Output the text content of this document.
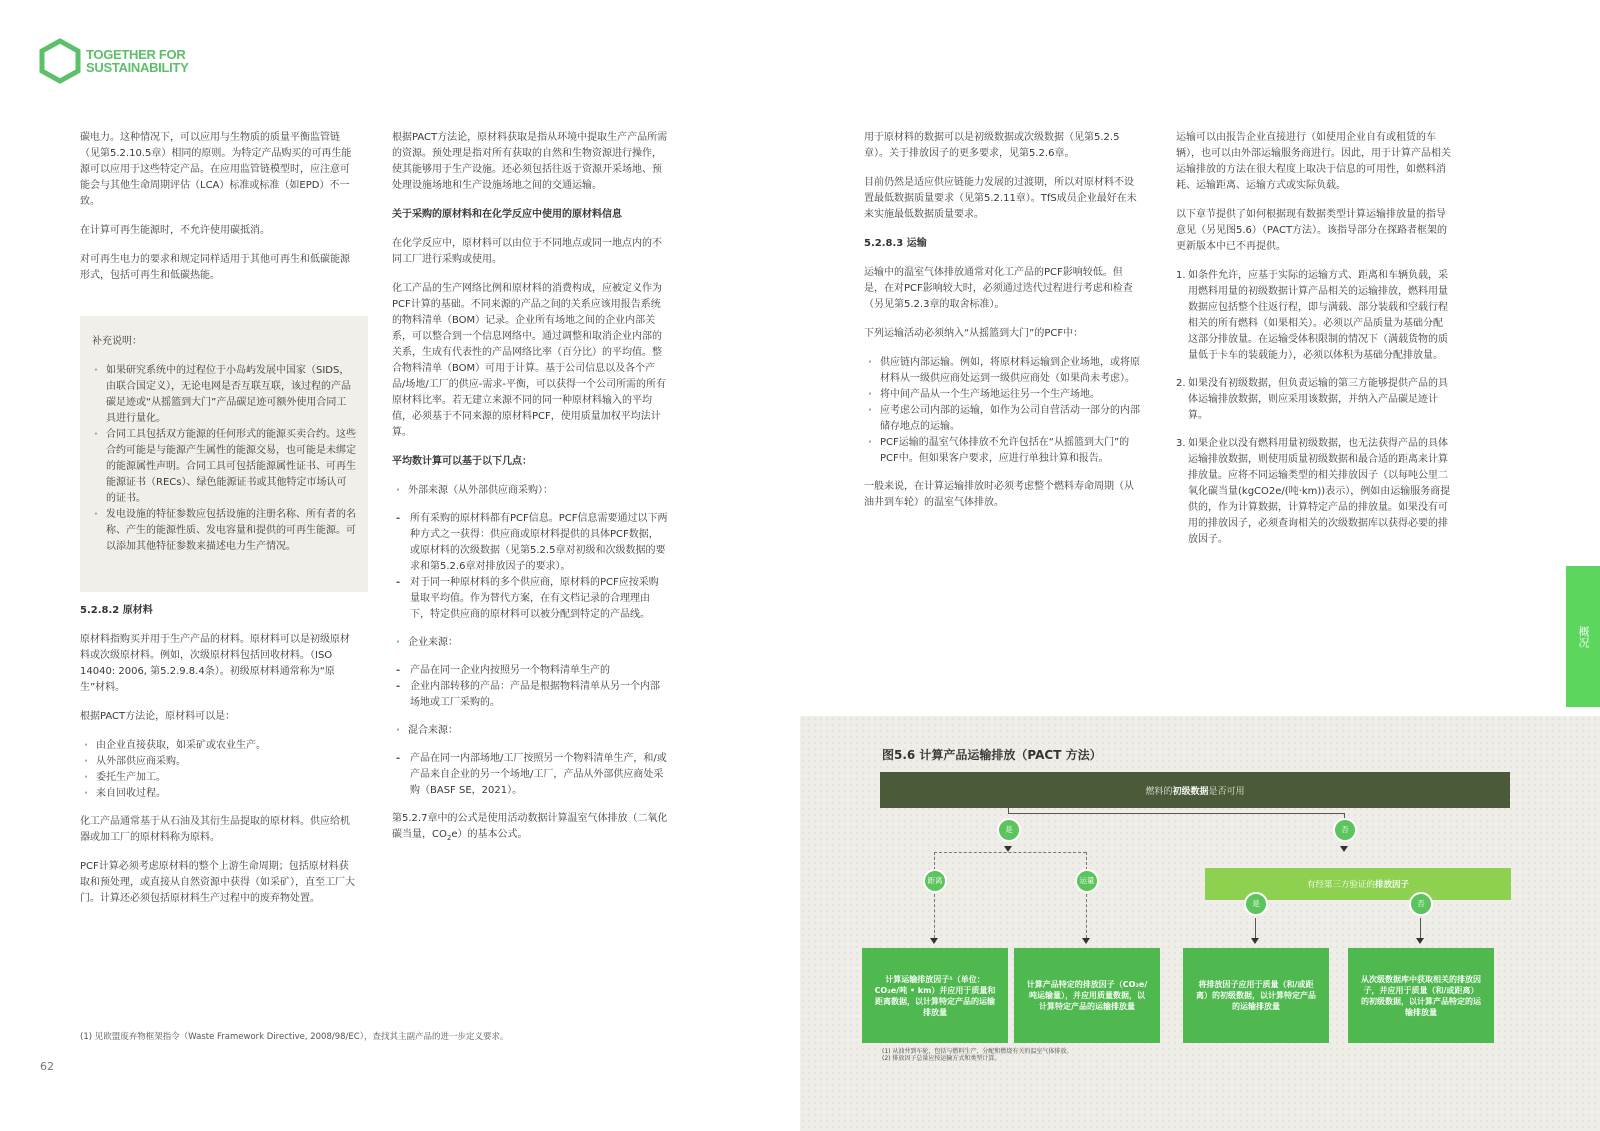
TOGETHER FOR
SUSTAINABILITY

碳电力。这种情况下，可以应用与生物质的质量平衡监管链（见第5.2.10.5章）相同的原则。为特定产品购买的可再生能源可以应用于这些特定产品。在应用监管链模型时，应注意可能会与其他生命周期评估（LCA）标准或标准（如EPD）不一致。

在计算可再生能源时，不允许使用碳抵消。

对可再生电力的要求和规定同样适用于其他可再生和低碳能源形式，包括可再生和低碳热能。

补充说明：

· 如果研究系统中的过程位于小岛屿发展中国家（SIDS，由联合国定义），无论电网是否互联互联，该过程的产品碳足迹或“从摇篮到大门”产品碳足迹可额外使用合同工具进行量化。
· 合同工具包括双方能源的任何形式的能源买卖合约。这些合约可能是与能源产生属性的能源交易，也可能是未绑定的能源属性声明。合同工具可包括能源属性证书、可再生能源证书（RECs）、绿色能源证书或其他特定市场认可的证书。
· 发电设施的特征参数应包括设施的注册名称、所有者的名称、产生的能源性质、发电容量和提供的可再生能源。可以添加其他特征参数来描述电力生产情况。
5.2.8.2 原材料

原材料指购买并用于生产产品的材料。原材料可以是初级原材料或次级原材料。例如，次级原材料包括回收材料。（ISO 14040: 2006, 第5.2.9.8.4条）。初级原材料通常称为“原生”材料。

根据PACT方法论，原材料可以是：

· 由企业直接获取，如采矿或农业生产。
· 从外部供应商采购。
· 委托生产加工。
· 来自回收过程。

化工产品通常基于从石油及其衍生品提取的原材料。供应给机器或加工厂的原材料称为原料。

PCF计算必须考虑原材料的整个上游生命周期；包括原材料获取和预处理，或直接从自然资源中获得（如采矿），直至工厂大门。计算还必须包括原材料生产过程中的废弃物处置。

根据PACT方法论，原材料获取是指从环境中提取生产产品所需的资源。预处理是指对所有获取的自然和生物资源进行操作，使其能够用于生产设施。还必须包括往返于资源开采场地、预处理设施场地和生产设施场地之间的交通运输。

关于采购的原材料和在化学反应中使用的原材料信息

在化学反应中，原材料可以由位于不同地点或同一地点内的不同工厂进行采购或使用。

化工产品的生产网络比例和原材料的消费构成，应被定义作为PCF计算的基础。不同来源的产品之间的关系应该用报告系统的物料清单（BOM）记录。企业所有场地之间的企业内部关系，可以整合到一个信息网络中。通过调整和取消企业内部的关系，生成有代表性的产品网络比率（百分比）的平均值。整合物料清单（BOM）可用于计算。基于公司信息以及各个产品/场地/工厂的供应-需求-平衡，可以获得一个公司所需的所有原材料比率。若无建立来源不同的同一种原材料输入的平均值，必须基于不同来源的原材料PCF，使用质量加权平均法计算。

平均数计算可以基于以下几点：
· 外部来源（从外部供应商采购）：
- 所有采购的原材料都有PCF信息。PCF信息需要通过以下两种方式之一获得：供应商或原材料提供的具体PCF数据，或原材料的次级数据（见第5.2.5章对初级和次级数据的要求和第5.2.6章对排放因子的要求）。
- 对于同一种原材料的多个供应商，原材料的PCF应按采购量取平均值。作为替代方案，在有文档记录的合理理由下，特定供应商的原材料可以被分配到特定的产品线。
· 企业来源：
- 产品在同一企业内按照另一个物料清单生产的
- 企业内部转移的产品：产品是根据物料清单从另一个内部场地或工厂采购的。
· 混合来源：
- 产品在同一内部场地/工厂按照另一个物料清单生产，和/或产品来自企业的另一个场地/工厂，产品从外部供应商处采购（BASF SE，2021）。

第5.2.7章中的公式是使用活动数据计算温室气体排放（二氧化碳当量，$CO_2e$）的基本公式。

(1) 见欧盟废弃物框架指令（Waste Framework Directive, 2008/98/EC），查找其主副产品的进一步定义要求。
62

用于原材料的数据可以是初级数据或次级数据（见第5.2.5章）。关于排放因子的更多要求，见第5.2.6章。

目前仍然是适应供应链能力发展的过渡期，所以对原材料不设置最低数据质量要求（见第5.2.11章）。TfS成员企业最好在未来实施最低数据质量要求。

5.2.8.3 运输

运输中的温室气体排放通常对化工产品的PCF影响较低。但是，在对PCF影响较大时，必须通过迭代过程进行考虑和检查（另见第5.2.3章的取舍标准）。

下列运输活动必须纳入“从摇篮到大门”的PCF中：

· 供应链内部运输。例如，将原材料运输到企业场地，或将原材料从一级供应商处运到一级供应商处（如果尚未考虑）。
· 将中间产品从一个生产场地运往另一个生产场地。
· 应考虑公司内部的运输，如作为公司自营活动一部分的内部储存地点的运输。
· PCF运输的温室气体排放不允许包括在“从摇篮到大门”的PCF中。但如果客户要求，应进行单独计算和报告。

一般来说，在计算运输排放时必须考虑整个燃料寿命周期（从油井到车轮）的温室气体排放。

运输可以由报告企业直接进行（如使用企业自有或租赁的车辆），也可以由外部运输服务商进行。因此，用于计算产品相关运输排放的方法在很大程度上取决于信息的可用性，如燃料消耗、运输距离、运输方式或实际负载。

以下章节提供了如何根据现有数据类型计算运输排放量的指导意见（另见图5.6）（PACT方法）。该指导部分在探路者框架的更新版本中已不再提供。

1. 如条件允许，应基于实际的运输方式、距离和车辆负载，采用燃料用量的初级数据计算产品相关的运输排放，燃料用量数据应包括整个往返行程，即与满载、部分装载和空载行程相关的所有燃料（如果相关）。必须以产品质量为基础分配这部分排放量。在运输受体积限制的情况下（满载货物的质量低于卡车的装载能力），必须以体积为基础分配排放量。
2. 如果没有初级数据，但负责运输的第三方能够提供产品的具体运输排放数据，则应采用该数据，并纳入产品碳足迹计算。
3. 如果企业以没有燃料用量初级数据，也无法获得产品的具体运输排放数据，则使用质量初级数据和最合适的距离来计算排放量。应将不同运输类型的相关排放因子（以每吨公里二氧化碳当量(kgCO2e/(吨·km))表示），例如由运输服务商提供的，作为计算数据，计算特定产品的排放量。如果没有可用的排放因子，必须查询相关的次级数据库以获得必要的排放因子。
概况
图5.6 计算产品运输排放（PACT 方法）
燃料的 初级数据 是否可用
是	否
有经第三方验证的 排放因子
距离	运量
是	否
计算运输排放因子¹（单位：CO₂e/吨 • km）并应用于质量和距离数据，以计算特定产品的运输排放量
计算产品特定的排放因子（CO₂e/吨运输量），并应用质量数据，以计算特定产品的运输排放量
将排放因子应用于质量（和/或距离）的初级数据，以计算特定产品的运输排放量
从次级数据库中获取相关的排放因子，并应用于质量（和/或距离）的初级数据，以计算产品特定的运输排放量
(1) 从油井到车轮，包括与燃料生产、分配和燃烧有关的温室气体排放。
(2) 排放因子总量应按运输方式和类型计算。
